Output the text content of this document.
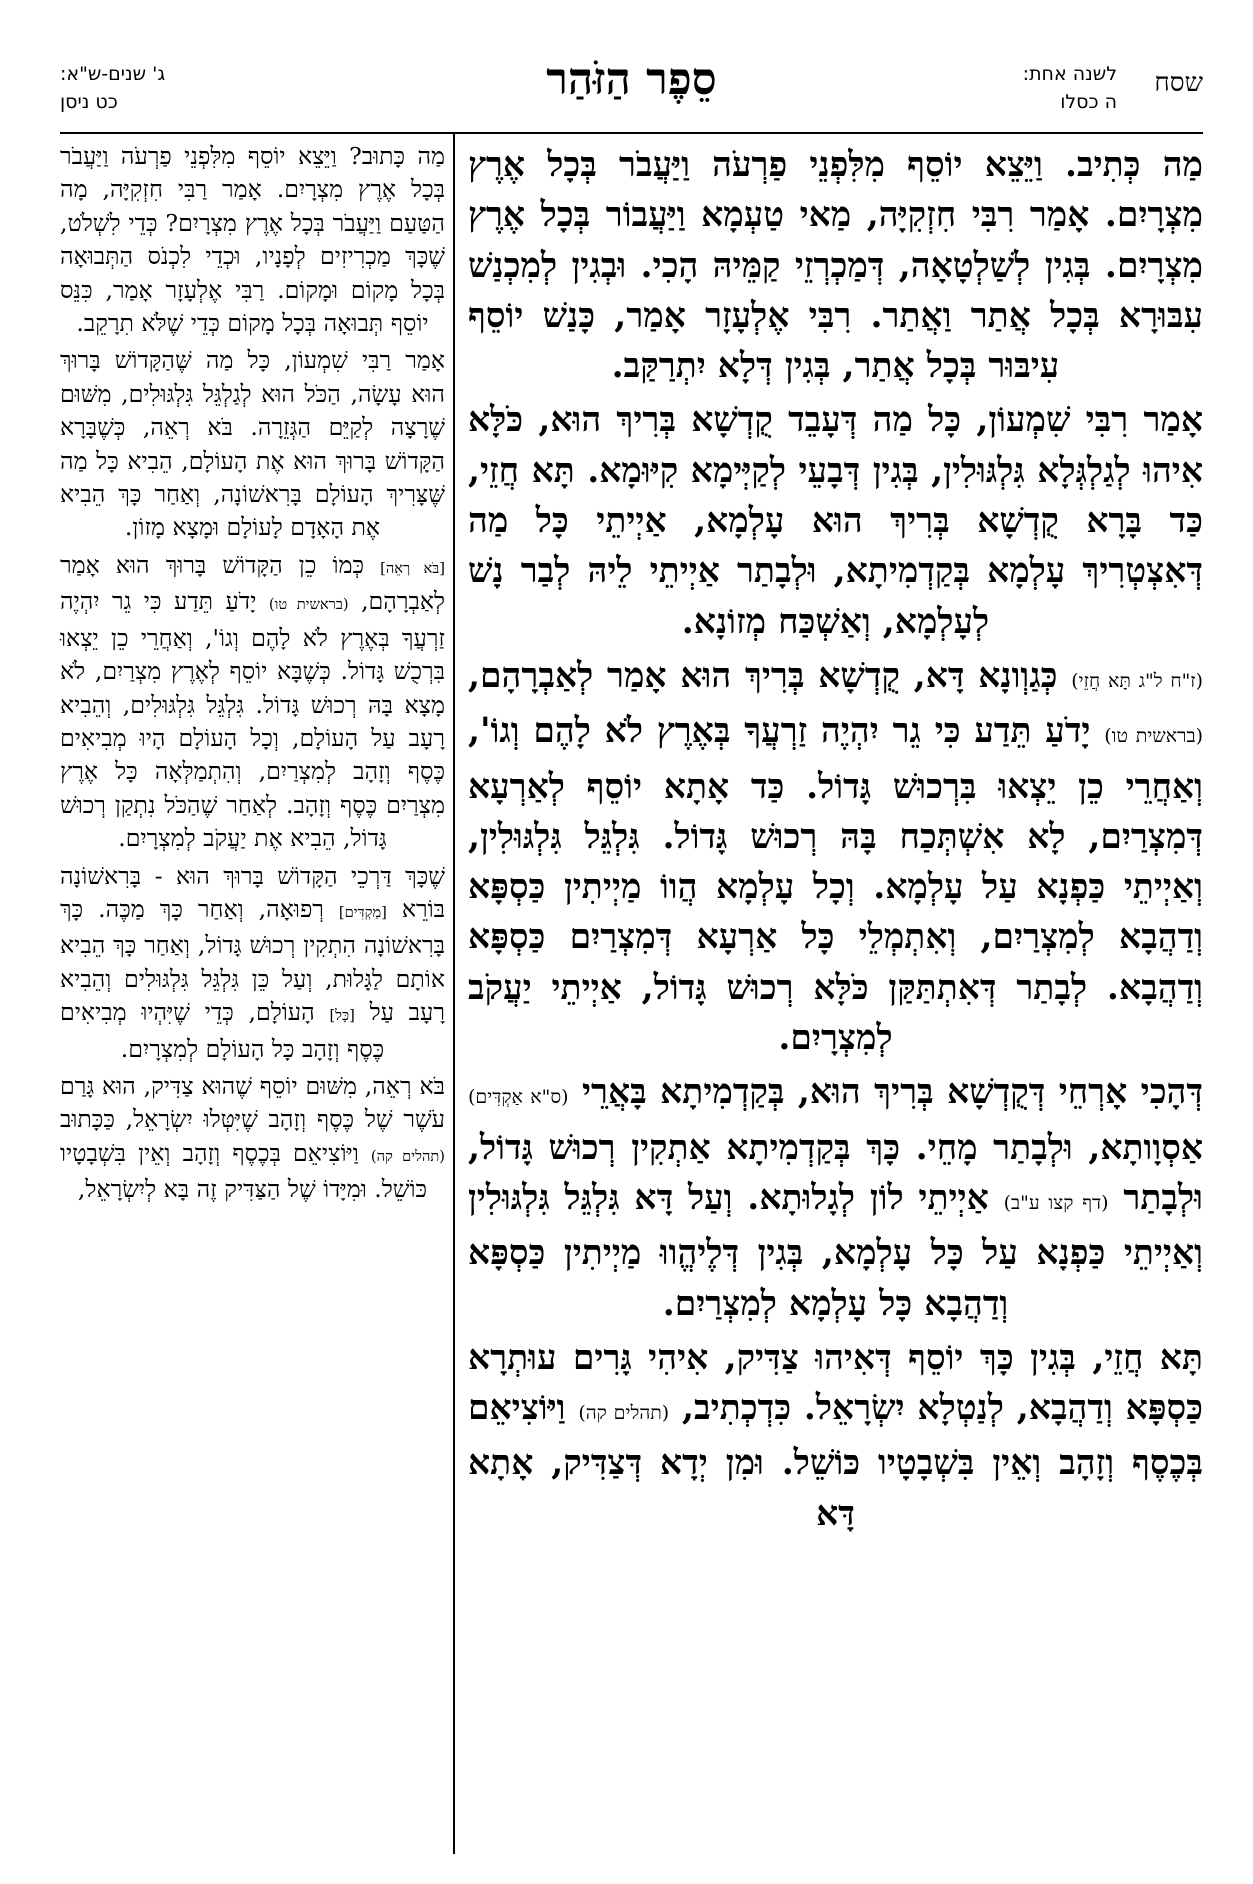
שסח
לשנה אחת:
ה כסלו
סֵפֶר הַזֹּהַר
ג' שנים-ש"א:
כט ניסן

מַה כְּתִיב. וַיֵּצֵא יוֹסֵף מִלִּפְנֵי פַרְעֹה וַיַּעֲבֹר בְּכָל אֶרֶץ מִצְרָיִם. אָמַר רִבִּי חִזְקִיָּה, מַאי טַעְמָא וַיַּעֲבוֹר בְּכָל אֶרֶץ מִצְרָיִם. בְּגִין לְשַׁלְטָאָה, דְּמַכְרְזֵי קַמֵּיהּ הָכִי. וּבְגִין לְמִכְנַשׁ עִבּוּרָא בְּכָל אֲתַר וַאֲתַר. רִבִּי אֶלְעָזָר אָמַר, כָּנַשׁ יוֹסֵף עִיבּוּר בְּכָל אֲתַר, בְּגִין דְּלָא יִתְרַקַּב.

אָמַר רִבִּי שִׁמְעוֹן, כָּל מַה דְּעָבֵד קֻדְשָׁא בְּרִיךְ הוּא, כֹּלָּא אִיהוּ לְגַלְגְּלָא גִּלְגּוּלִין, בְּגִין דְּבָעֵי לְקַיְּימָא קִיּוּמָא. תָּא חֲזֵי, כַּד בָּרָא קֻדְשָׁא בְּרִיךְ הוּא עָלְמָא, אַיְיתֵי כָּל מַה דְּאִצְטְרִיךְ עָלְמָא בְּקַדְמִיתָא, וּלְבָתַר אַיְיתֵי לֵיהּ לְבַר נָשׁ לְעָלְמָא, וְאַשְׁכַּח מְזוֹנָא.

(ז"ח ל"ג תָּא חֲזֵי) כְּגַוְונָא דָּא, קֻדְשָׁא בְּרִיךְ הוּא אָמַר לְאַבְרָהָם, (בראשית טו) יָדֹעַ תֵּדַע כִּי גֵר יִהְיֶה זַרְעֲךָ בְּאֶרֶץ לֹא לָהֶם וְגוֹ', וְאַחֲרֵי כֵן יֵצְאוּ בִּרְכוּשׁ גָּדוֹל. כַּד אָתָא יוֹסֵף לְאַרְעָא דְּמִצְרַיִם, לָא אִשְׁתְּכַח בָּהּ רְכוּשׁ גָּדוֹל. גִּלְגֵּל גִּלְגּוּלִין, וְאַיְיתֵי כַּפְנָא עַל עָלְמָא. וְכָל עָלְמָא הֲווֹ מַיְיתִין כַּסְפָּא וְדַהֲבָא לְמִצְרַיִם, וְאִתְמְלֵי כָּל אַרְעָא דְּמִצְרַיִם כַּסְפָּא וְדַהֲבָא. לְבָתַר דְּאִתְתַּקַּן כֹּלָּא רְכוּשׁ גָּדוֹל, אַיְיתֵי יַעֲקֹב לְמִצְרָיִם.

דְּהָכִי אָרְחֵי דְּקֻדְשָׁא בְּרִיךְ הוּא, בְּקַדְמִיתָא בָּאֲרֵי (ס"א אַקְדִּים) אַסְוָותָא, וּלְבָתַר מָחֵי. כָּךְ בְּקַדְמִיתָא אַתְקִין רְכוּשׁ גָּדוֹל, וּלְבָתַר (דף קצו ע"ב) אַיְיתֵי לוֹן לְגָלוּתָא. וְעַל דָּא גִּלְגֵּל גִּלְגּוּלִין וְאַיְיתֵי כַּפְנָא עַל כָּל עָלְמָא, בְּגִין דְּלֶיהֱווּ מַיְיתִין כַּסְפָּא וְדַהֲבָא כָּל עָלְמָא לְמִצְרַיִם.

תָּא חֲזֵי, בְּגִין כָּךְ יוֹסֵף דְּאִיהוּ צַדִּיק, אִיהִי גָּרִים עוּתְרָא כַּסְפָּא וְדַהֲבָא, לְנַטְלָא יִשְׂרָאֵל. כִּדְכְתִיב, (תהלים קה) וַיּוֹצִיאֵם בְּכֶסֶף וְזָהָב וְאֵין בִּשְׁבָטָיו כּוֹשֵׁל. וּמִן יְדָא דְּצַדִּיק, אָתָא דָּא

מַה כָּתוּב? וַיֵּצֵא יוֹסֵף מִלִּפְנֵי פַרְעֹה וַיַּעֲבֹר בְּכָל אֶרֶץ מִצְרָיִם. אָמַר רַבִּי חִזְקִיָּה, מָה הַטַּעַם וַיַּעֲבֹר בְּכָל אֶרֶץ מִצְרָיִם? כְּדֵי לִשְׁלֹט, שֶׁכָּךְ מַכְרִיזִים לְפָנָיו, וּכְדֵי לִכְנֹס הַתְּבוּאָה בְּכָל מָקוֹם וּמָקוֹם. רַבִּי אֶלְעָזָר אָמַר, כִּנֵּס יוֹסֵף תְּבוּאָה בְּכָל מָקוֹם כְּדֵי שֶׁלֹּא תִרָקֵב.

אָמַר רַבִּי שִׁמְעוֹן, כָּל מַה שֶּׁהַקָּדוֹשׁ בָּרוּךְ הוּא עָשָׂה, הַכֹּל הוּא לְגַלְגֵּל גִּלְגּוּלִים, מִשּׁוּם שֶׁרָצָה לְקַיֵּם הַגְּזֵרָה. בֹּא רְאֵה, כְּשֶׁבָּרָא הַקָּדוֹשׁ בָּרוּךְ הוּא אֶת הָעוֹלָם, הֵבִיא כָּל מַה שֶּׁצָּרִיךְ הָעוֹלָם בָּרִאשׁוֹנָה, וְאַחַר כָּךְ הֵבִיא אֶת הָאָדָם לָעוֹלָם וּמָצָא מָזוֹן.

[בֹּא רְאֵה] כְּמוֹ כֵן הַקָּדוֹשׁ בָּרוּךְ הוּא אָמַר לְאַבְרָהָם, (בראשית טו) יָדֹעַ תֵּדַע כִּי גֵר יִהְיֶה זַרְעֲךָ בְּאֶרֶץ לֹא לָהֶם וְגוֹ', וְאַחֲרֵי כֵן יֵצְאוּ בִּרְכֻשׁ גָּדוֹל. כְּשֶׁבָּא יוֹסֵף לְאֶרֶץ מִצְרַיִם, לֹא מָצָא בָּהּ רְכוּשׁ גָּדוֹל. גִּלְגֵּל גִּלְגּוּלִים, וְהֵבִיא רָעָב עַל הָעוֹלָם, וְכָל הָעוֹלָם הָיוּ מְבִיאִים כֶּסֶף וְזָהָב לְמִצְרַיִם, וְהִתְמַלְּאָה כָּל אֶרֶץ מִצְרַיִם כֶּסֶף וְזָהָב. לְאַחַר שֶׁהַכֹּל נִתְקַן רְכוּשׁ גָּדוֹל, הֵבִיא אֶת יַעֲקֹב לְמִצְרָיִם.

שֶׁכָּךְ דַּרְכֵי הַקָּדוֹשׁ בָּרוּךְ הוּא - בָּרִאשׁוֹנָה בּוֹרֵא [מַקְדִּים] רְפוּאָה, וְאַחַר כָּךְ מַכֶּה. כָּךְ בָּרִאשׁוֹנָה הִתְקִין רְכוּשׁ גָּדוֹל, וְאַחַר כָּךְ הֵבִיא אוֹתָם לַגָּלוּת, וְעַל כֵּן גִּלְגֵּל גִּלְגּוּלִים וְהֵבִיא רָעָב עַל [כָּל] הָעוֹלָם, כְּדֵי שֶׁיִּהְיוּ מְבִיאִים כֶּסֶף וְזָהָב כָּל הָעוֹלָם לְמִצְרָיִם.

בֹּא רְאֵה, מִשּׁוּם יוֹסֵף שֶׁהוּא צַדִּיק, הוּא גָּרַם עֹשֶׁר שֶׁל כֶּסֶף וְזָהָב שֶׁיִּטְּלוּ יִשְׂרָאֵל, כַּכָּתוּב (תהלים קה) וַיּוֹצִיאֵם בְּכֶסֶף וְזָהָב וְאֵין בִּשְׁבָטָיו כּוֹשֵׁל. וּמִיָּדוֹ שֶׁל הַצַּדִּיק זֶה בָּא לְיִשְׂרָאֵל,
